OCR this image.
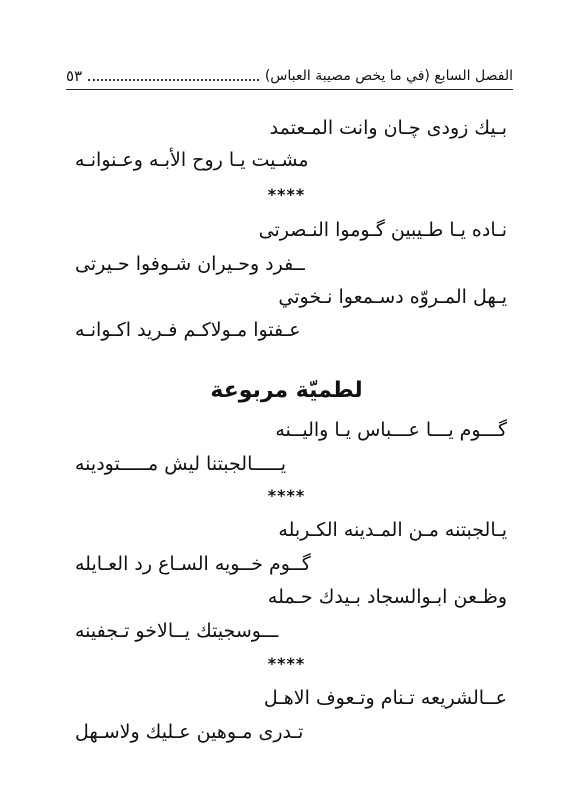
الفصل السابع (في ما يخص مصيبة العباس)
٥٣
بـيك زودى چـان وانت المـعتمد
مشـيت يـا روح الأبـه وعـنوانـه
****
نـاده يـا طـيبين گـوموا النـصرتى
ــفرد وحـيران شـوفوا حـيرتى
يـهل المـروّه دسـمعوا نـخوتي
عـفتوا مـولاكـم فـريد اكـوانـه
لطميّة مربوعة
گـــوم يـــا عـــباس يـا واليــنه
يـــــالجبتنا ليش مـــــتودينه
****
يـالجبتنه مـن المـدينه الكـربله
گــوم خــويه السـاع رد العـايله
وظـعن ابـوالسجاد بـيدك حـمله
ـــوسجيتك يــالاخو تـجفينه
****
عــالشريعه تـنام وتـعوف الاهـل
تـدرى مـوهين عـليك ولاسـهل
